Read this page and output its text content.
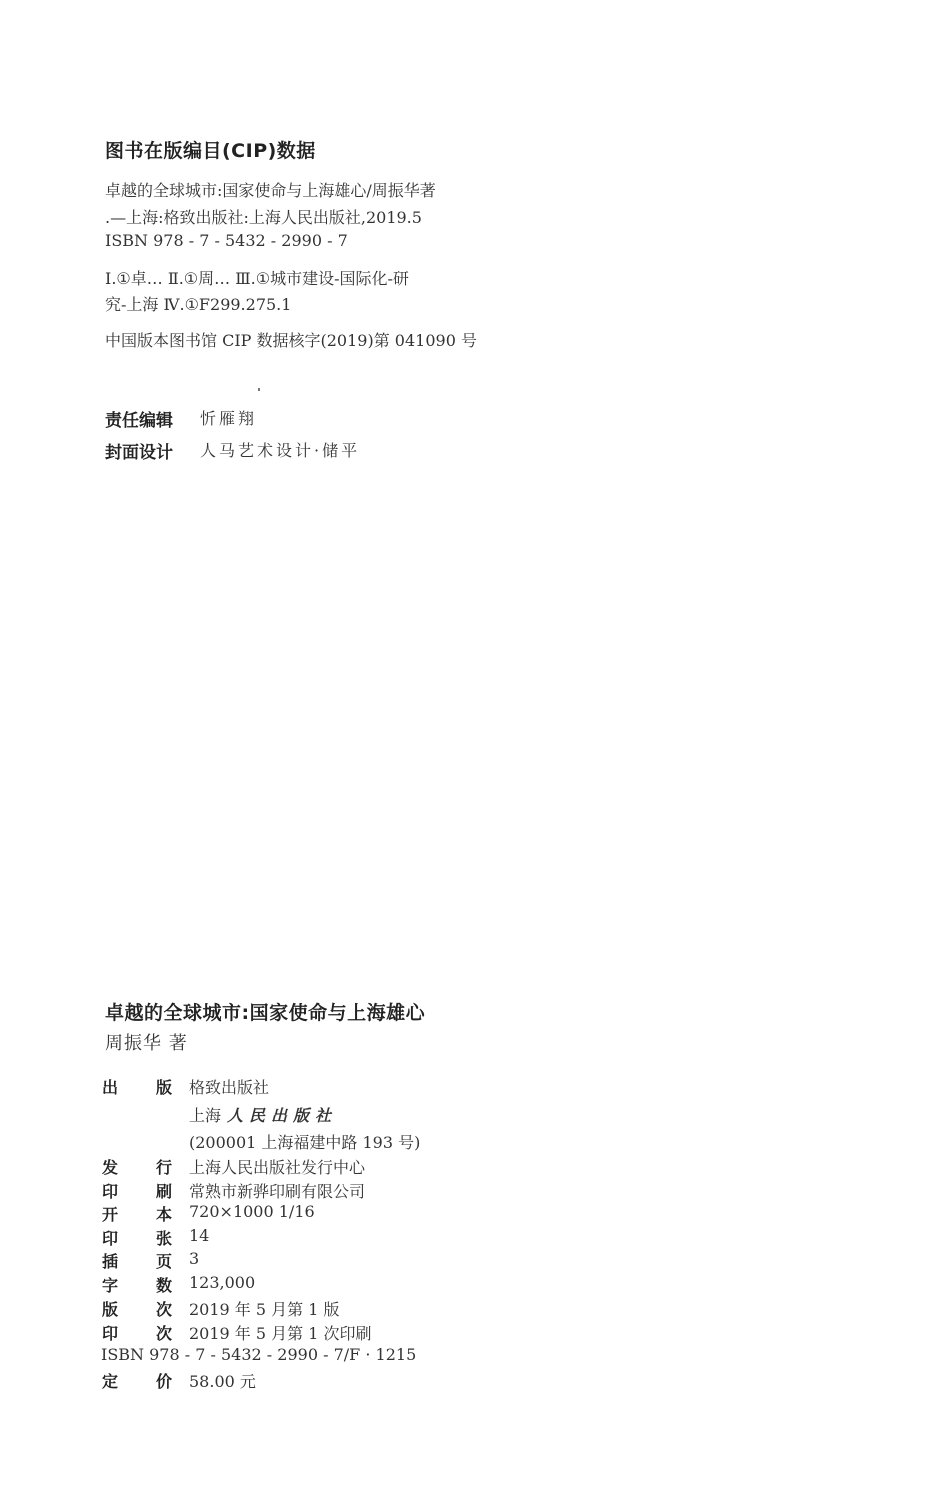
图书在版编目(CIP)数据
卓越的全球城市:国家使命与上海雄心/周振华著
.—上海:格致出版社:上海人民出版社,2019.5
ISBN 978 - 7 - 5432 - 2990 - 7
Ⅰ.①卓… Ⅱ.①周… Ⅲ.①城市建设-国际化-研
究-上海 Ⅳ.①F299.275.1
中国版本图书馆 CIP 数据核字(2019)第 041090 号
责任编辑 忻雁翔
封面设计 人马艺术设计·储平
卓越的全球城市:国家使命与上海雄心
周振华 著
出 版 格致出版社
上海 人民出版社
(200001 上海福建中路 193 号)
发 行 上海人民出版社发行中心
印 刷 常熟市新骅印刷有限公司
开 本 720×1000 1/16
印 张 14
插 页 3
字 数 123,000
版 次 2019 年 5 月第 1 版
印 次 2019 年 5 月第 1 次印刷
ISBN 978 - 7 - 5432 - 2990 - 7/F · 1215
定 价 58.00 元
